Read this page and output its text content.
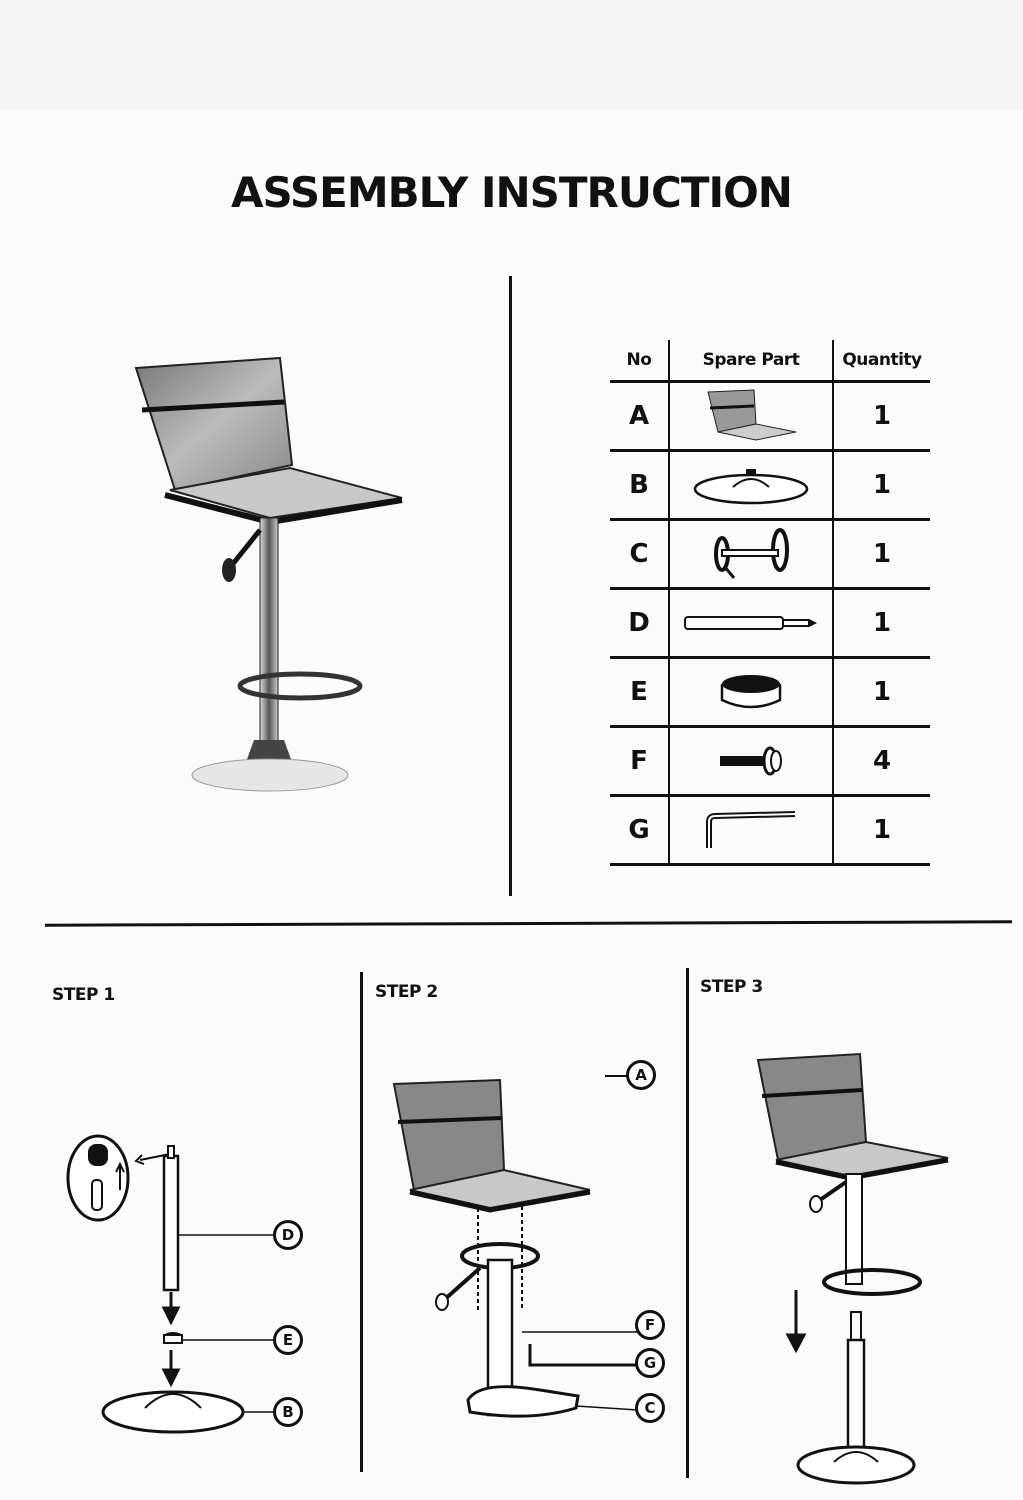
ASSEMBLY INSTRUCTION
No	Spare Part	Quantity
A		1
B		1
C		1
D		1
E		1
F		4
G		1
STEP 1
D
E
B
STEP 2
A
F
G
C
STEP 3
